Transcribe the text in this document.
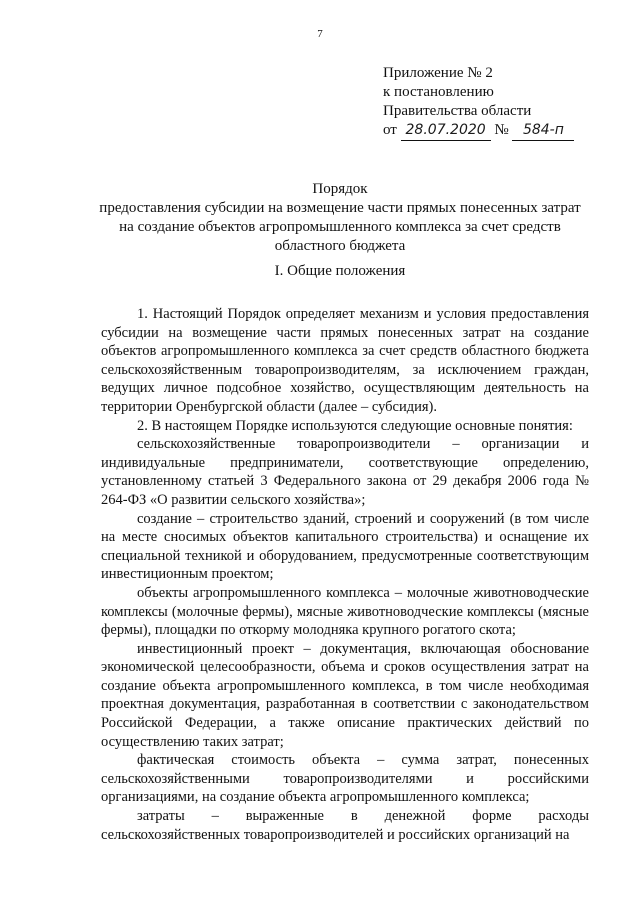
7
Приложение № 2
к постановлению
Правительства области
от 28.07.2020 № 584-п
Порядок
предоставления субсидии на возмещение части прямых понесенных затрат
на создание объектов агропромышленного комплекса за счет средств
областного бюджета
I. Общие положения

1. Настоящий Порядок определяет механизм и условия предоставления субсидии на возмещение части прямых понесенных затрат на создание объектов агропромышленного комплекса за счет средств областного бюджета сельскохозяйственным товаропроизводителям, за исключением граждан, ведущих личное подсобное хозяйство, осуществляющим деятельность на территории Оренбургской области (далее – субсидия).

2. В настоящем Порядке используются следующие основные понятия:

сельскохозяйственные товаропроизводители – организации и индивидуальные предприниматели, соответствующие определению, установленному статьей 3 Федерального закона от 29 декабря 2006 года № 264-ФЗ «О развитии сельского хозяйства»;

создание – строительство зданий, строений и сооружений (в том числе на месте сносимых объектов капитального строительства) и оснащение их специальной техникой и оборудованием, предусмотренные соответствующим инвестиционным проектом;

объекты агропромышленного комплекса – молочные животноводческие комплексы (молочные фермы), мясные животноводческие комплексы (мясные фермы), площадки по откорму молодняка крупного рогатого скота;

инвестиционный проект – документация, включающая обоснование экономической целесообразности, объема и сроков осуществления затрат на создание объекта агропромышленного комплекса, в том числе необходимая проектная документация, разработанная в соответствии с законодательством Российской Федерации, а также описание практических действий по осуществлению таких затрат;

фактическая стоимость объекта – сумма затрат, понесенных сельскохозяйственными товаропроизводителями и российскими организациями, на создание объекта агропромышленного комплекса;

затраты – выраженные в денежной форме расходы сельскохозяйственных товаропроизводителей и российских организаций на
